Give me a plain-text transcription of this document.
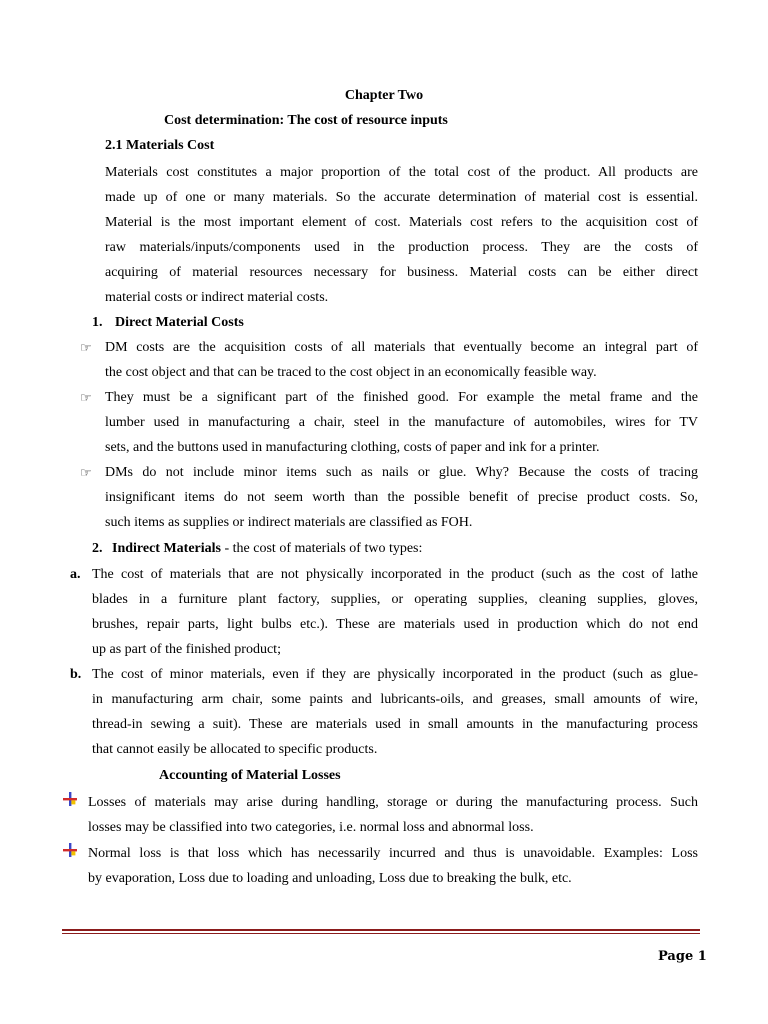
Chapter Two
Cost determination: The cost of resource inputs
2.1 Materials Cost
Materials cost constitutes a major proportion of the total cost of the product. All products are
made up of one or many materials. So the accurate determination of material cost is essential.
Material is the most important element of cost. Materials cost refers to the acquisition cost of
raw materials/inputs/components used in the production process. They are the costs of
acquiring of material resources necessary for business. Material costs can be either direct
material costs or indirect material costs.
1. Direct Material Costs
☞ DM costs are the acquisition costs of all materials that eventually become an integral part of
the cost object and that can be traced to the cost object in an economically feasible way.
☞ They must be a significant part of the finished good. For example the metal frame and the
lumber used in manufacturing a chair, steel in the manufacture of automobiles, wires for TV
sets, and the buttons used in manufacturing clothing, costs of paper and ink for a printer.
☞ DMs do not include minor items such as nails or glue. Why? Because the costs of tracing
insignificant items do not seem worth than the possible benefit of precise product costs. So,
such items as supplies or indirect materials are classified as FOH.
2. Indirect Materials - the cost of materials of two types:
a. The cost of materials that are not physically incorporated in the product (such as the cost of lathe
blades in a furniture plant factory, supplies, or operating supplies, cleaning supplies, gloves,
brushes, repair parts, light bulbs etc.). These are materials used in production which do not end
up as part of the finished product;
b. The cost of minor materials, even if they are physically incorporated in the product (such as glue-
in manufacturing arm chair, some paints and lubricants-oils, and greases, small amounts of wire,
thread-in sewing a suit). These are materials used in small amounts in the manufacturing process
that cannot easily be allocated to specific products.
Accounting of Material Losses
Losses of materials may arise during handling, storage or during the manufacturing process. Such
losses may be classified into two categories, i.e. normal loss and abnormal loss.
Normal loss is that loss which has necessarily incurred and thus is unavoidable. Examples: Loss
by evaporation, Loss due to loading and unloading, Loss due to breaking the bulk, etc.
Page 1
